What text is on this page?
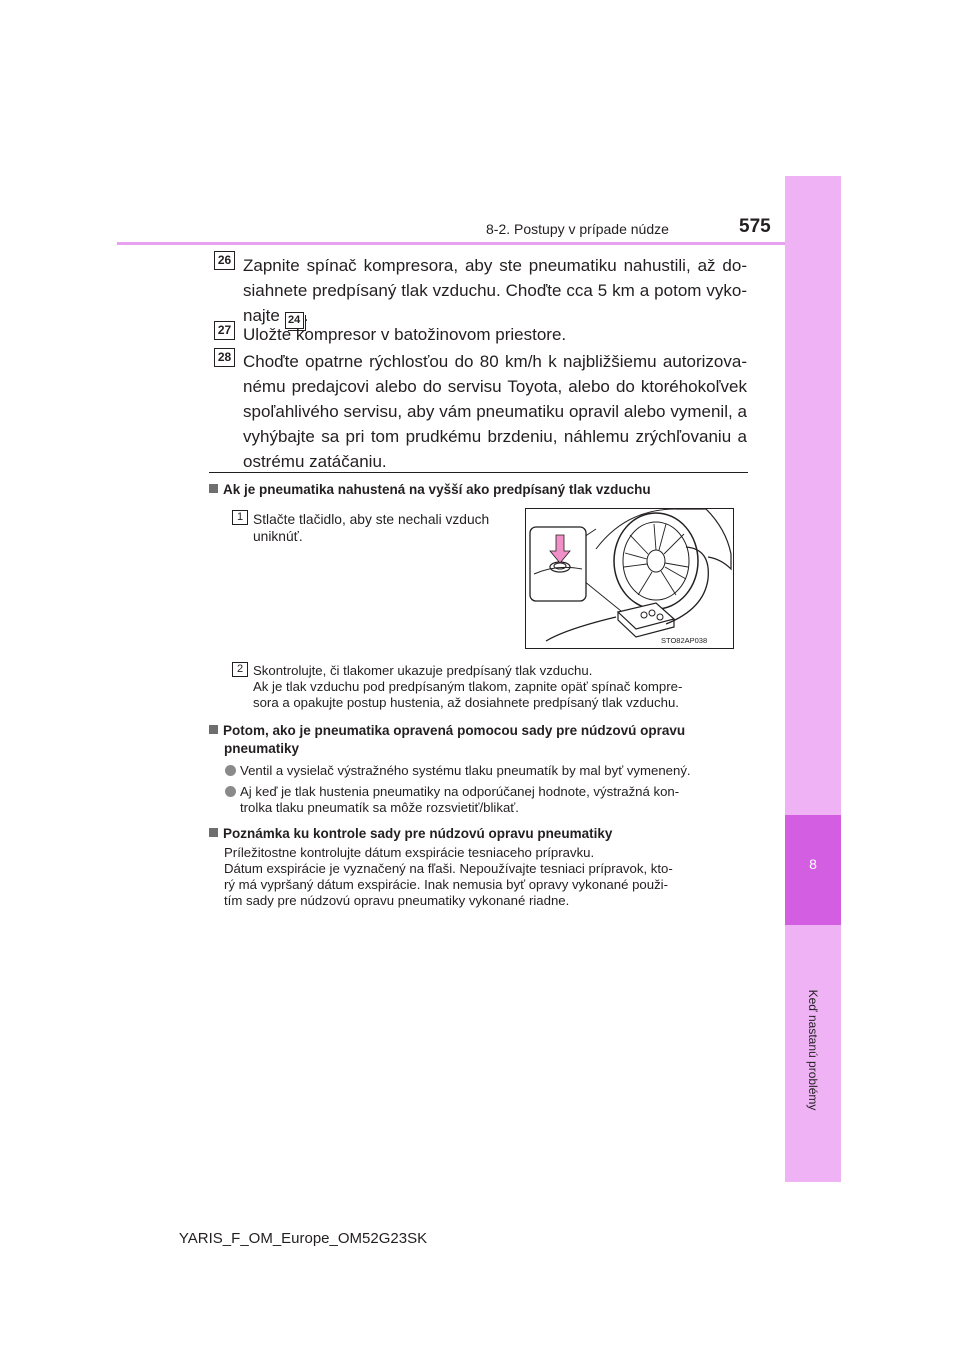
8-2. Postupy v prípade núdze	575
8
Keď nastanú problémy
26 Zapnite spínač kompresora, aby ste pneumatiku nahustili, až do-siahnete predpísaný tlak vzduchu. Choďte cca 5 km a potom vyko-najte 24 .
27 Uložte kompresor v batožinovom priestore.
28 Choďte opatrne rýchlosťou do 80 km/h k najbližšiemu autorizova-nému predajcovi alebo do servisu Toyota, alebo do ktoréhokoľvek spoľahlivého servisu, aby vám pneumatiku opravil alebo vymenil, a vyhýbajte sa pri tom prudkému brzdeniu, náhlemu zrýchľovaniu a ostrému zatáčaniu.
Ak je pneumatika nahustená na vyšší ako predpísaný tlak vzduchu
1 Stlačte tlačidlo, aby ste nechali vzduch
uniknúť.
STO82AP038
2 Skontrolujte, či tlakomer ukazuje predpísaný tlak vzduchu.
Ak je tlak vzduchu pod predpísaným tlakom, zapnite opäť spínač kompre-
sora a opakujte postup hustenia, až dosiahnete predpísaný tlak vzduchu.
Potom, ako je pneumatika opravená pomocou sady pre núdzovú opravu
pneumatiky
Ventil a vysielač výstražného systému tlaku pneumatík by mal byť vymenený.
Aj keď je tlak hustenia pneumatiky na odporúčanej hodnote, výstražná kon-
trolka tlaku pneumatík sa môže rozsvietiť/blikať.
Poznámka ku kontrole sady pre núdzovú opravu pneumatiky
Príležitostne kontrolujte dátum exspirácie tesniaceho prípravku.
Dátum exspirácie je vyznačený na fľaši. Nepoužívajte tesniaci prípravok, kto-
rý má vypršaný dátum exspirácie. Inak nemusia byť opravy vykonané použi-
tím sady pre núdzovú opravu pneumatiky vykonané riadne.
YARIS_F_OM_Europe_OM52G23SK
